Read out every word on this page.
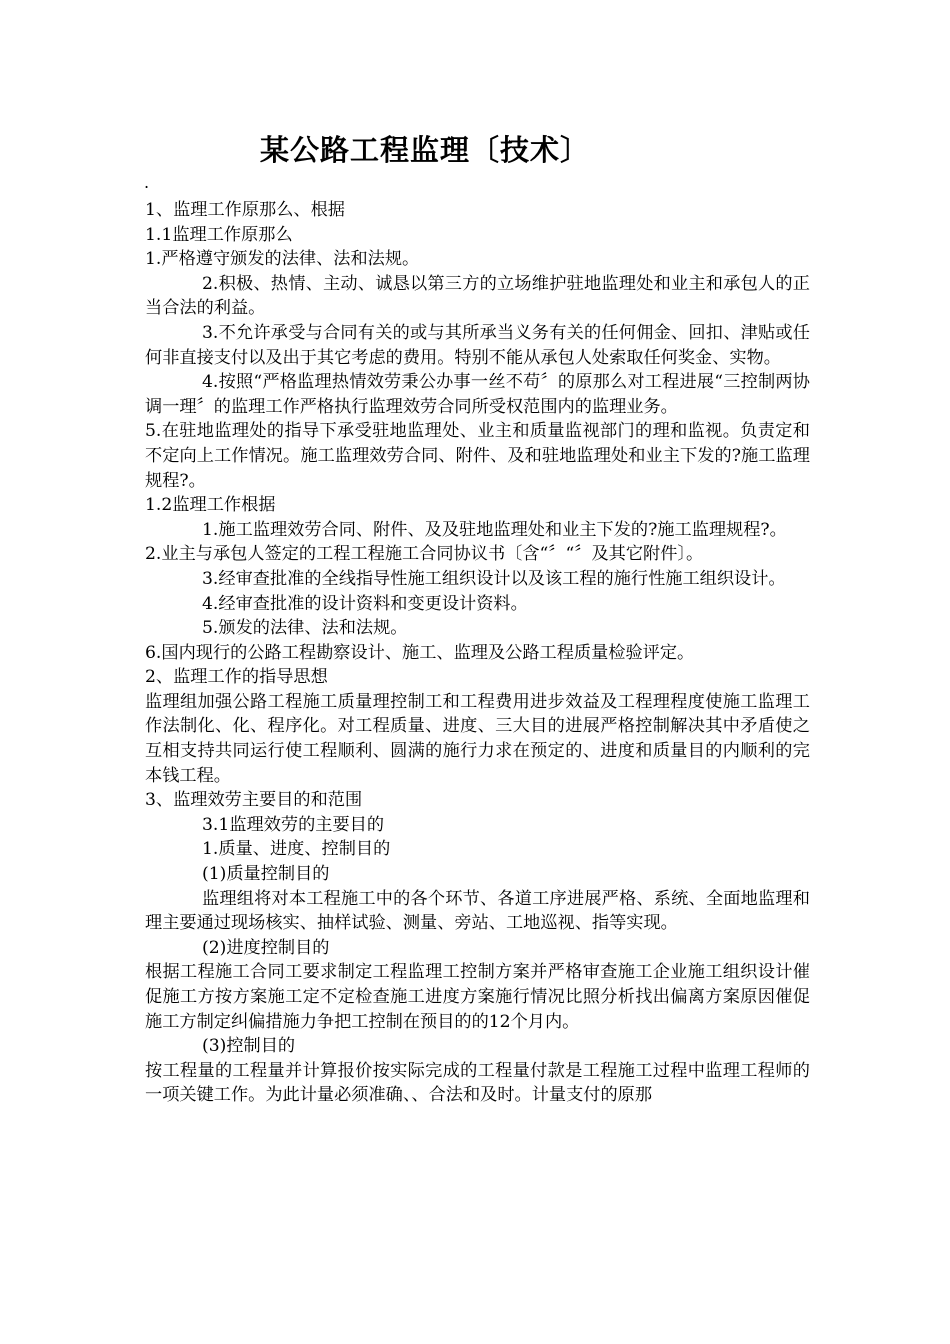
某公路工程监理〔技术〕
.

1、监理工作原那么、根据

1.1监理工作原那么

1.严格遵守颁发的法律、法和法规。

2.积极、热情、主动、诚恳以第三方的立场维护驻地监理处和业主和承包人的正当合法的利益。

3.不允许承受与合同有关的或与其所承当义务有关的任何佣金、回扣、津贴或任何非直接支付以及出于其它考虑的费用。特别不能从承包人处索取任何奖金、实物。

4.按照“严格监理热情效劳秉公办事一丝不苟〞的原那么对工程进展“三控制两协调一理〞的监理工作严格执行监理效劳合同所受权范围内的监理业务。

5.在驻地监理处的指导下承受驻地监理处、业主和质量监视部门的理和监视。负责定和不定向上工作情况。施工监理效劳合同、附件、及和驻地监理处和业主下发的?施工监理规程?。

1.2监理工作根据

1.施工监理效劳合同、附件、及及驻地监理处和业主下发的?施工监理规程?。

2.业主与承包人签定的工程工程施工合同协议书〔含“〞“〞及其它附件〕。

3.经审查批准的全线指导性施工组织设计以及该工程的施行性施工组织设计。

4.经审查批准的设计资料和变更设计资料。

5.颁发的法律、法和法规。

6.国内现行的公路工程勘察设计、施工、监理及公路工程质量检验评定。

2、监理工作的指导思想

监理组加强公路工程施工质量理控制工和工程费用进步效益及工程理程度使施工监理工作法制化、化、程序化。对工程质量、进度、三大目的进展严格控制解决其中矛盾使之互相支持共同运行使工程顺利、圆满的施行力求在预定的、进度和质量目的内顺利的完本钱工程。

3、监理效劳主要目的和范围

3.1监理效劳的主要目的

1.质量、进度、控制目的

(1)质量控制目的

监理组将对本工程施工中的各个环节、各道工序进展严格、系统、全面地监理和理主要通过现场核实、抽样试验、测量、旁站、工地巡视、指等实现。

(2)进度控制目的

根据工程施工合同工要求制定工程监理工控制方案并严格审查施工企业施工组织设计催促施工方按方案施工定不定检查施工进度方案施行情况比照分析找出偏离方案原因催促施工方制定纠偏措施力争把工控制在预目的的12个月内。

(3)控制目的

按工程量的工程量并计算报价按实际完成的工程量付款是工程施工过程中监理工程师的一项关键工作。为此计量必须准确、、合法和及时。计量支付的原那
